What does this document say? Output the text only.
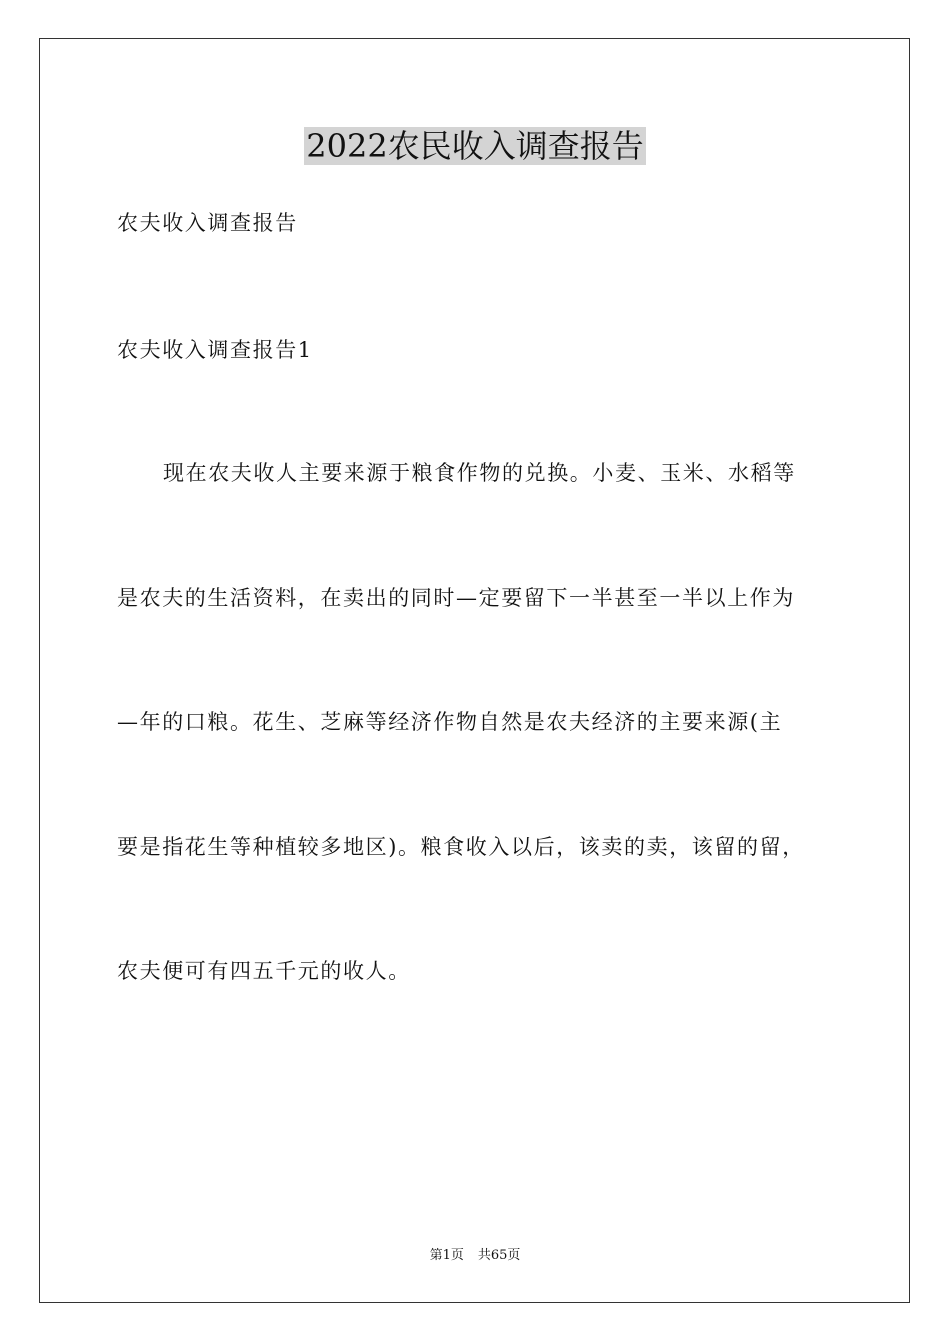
2022农民收入调查报告
农夫收入调查报告
农夫收入调查报告1
现在农夫收人主要来源于粮食作物的兑换。小麦、玉米、水稻等
是农夫的生活资料，在卖出的同时—定要留下一半甚至一半以上作为
—年的口粮。花生、芝麻等经济作物自然是农夫经济的主要来源(主
要是指花生等种植较多地区)。粮食收入以后，该卖的卖，该留的留，
农夫便可有四五千元的收人。
第1页 共65页
